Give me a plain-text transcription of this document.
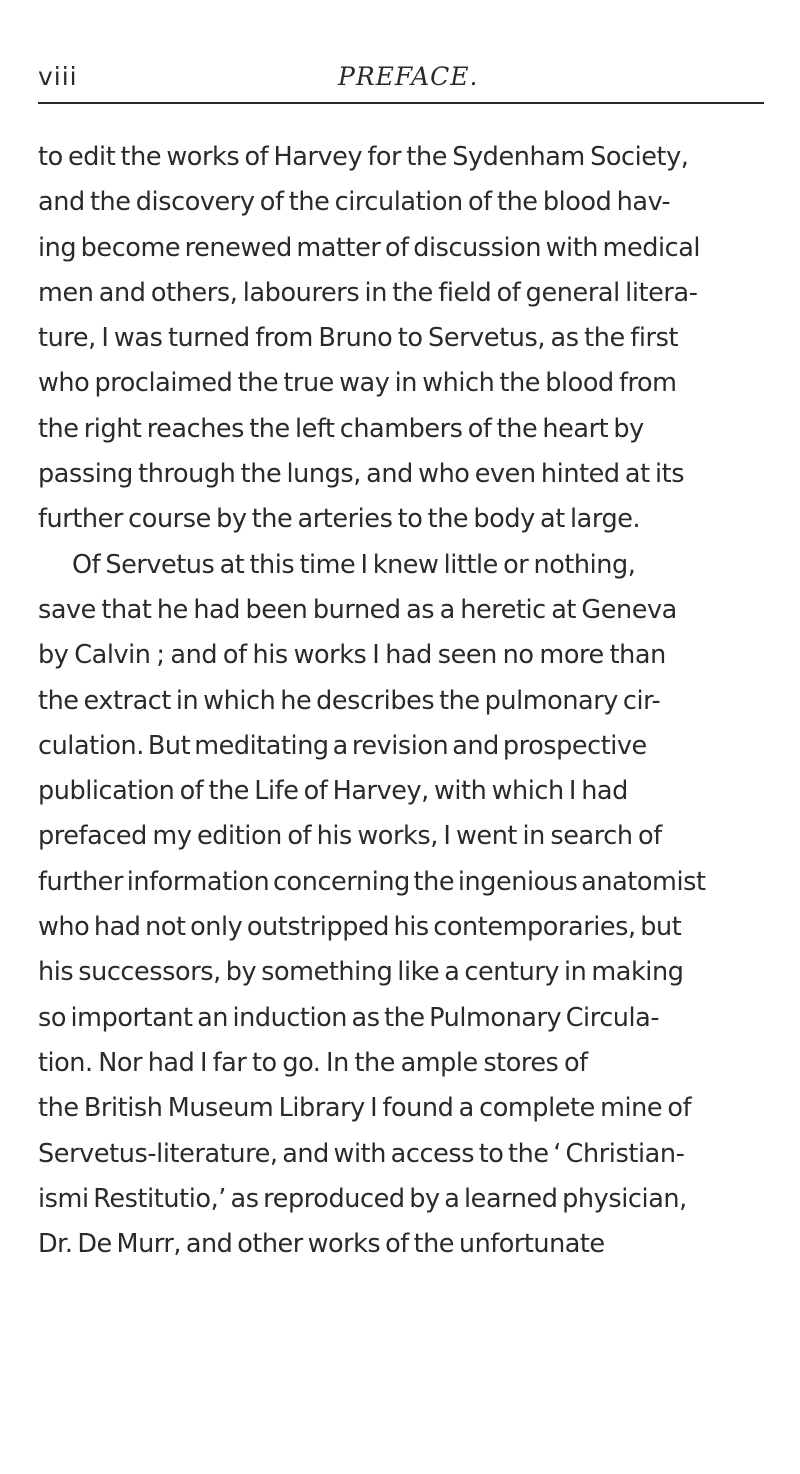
viii	PREFACE.
to edit the works of Harvey for the Sydenham Society,
and the discovery of the circulation of the blood hav-
ing become renewed matter of discussion with medical
men and others, labourers in the field of general litera-
ture, I was turned from Bruno to Servetus, as the first
who proclaimed the true way in which the blood from
the right reaches the left chambers of the heart by
passing through the lungs, and who even hinted at its
further course by the arteries to the body at large.
Of Servetus at this time I knew little or nothing,
save that he had been burned as a heretic at Geneva
by Calvin ; and of his works I had seen no more than
the extract in which he describes the pulmonary cir-
culation. But meditating a revision and prospective
publication of the Life of Harvey, with which I had
prefaced my edition of his works, I went in search of
further information concerning the ingenious anatomist
who had not only outstripped his contemporaries, but
his successors, by something like a century in making
so important an induction as the Pulmonary Circula-
tion. Nor had I far to go. In the ample stores of
the British Museum Library I found a complete mine of
Servetus-literature, and with access to the ‘ Christian-
ismi Restitutio,’ as reproduced by a learned physician,
Dr. De Murr, and other works of the unfortunate
